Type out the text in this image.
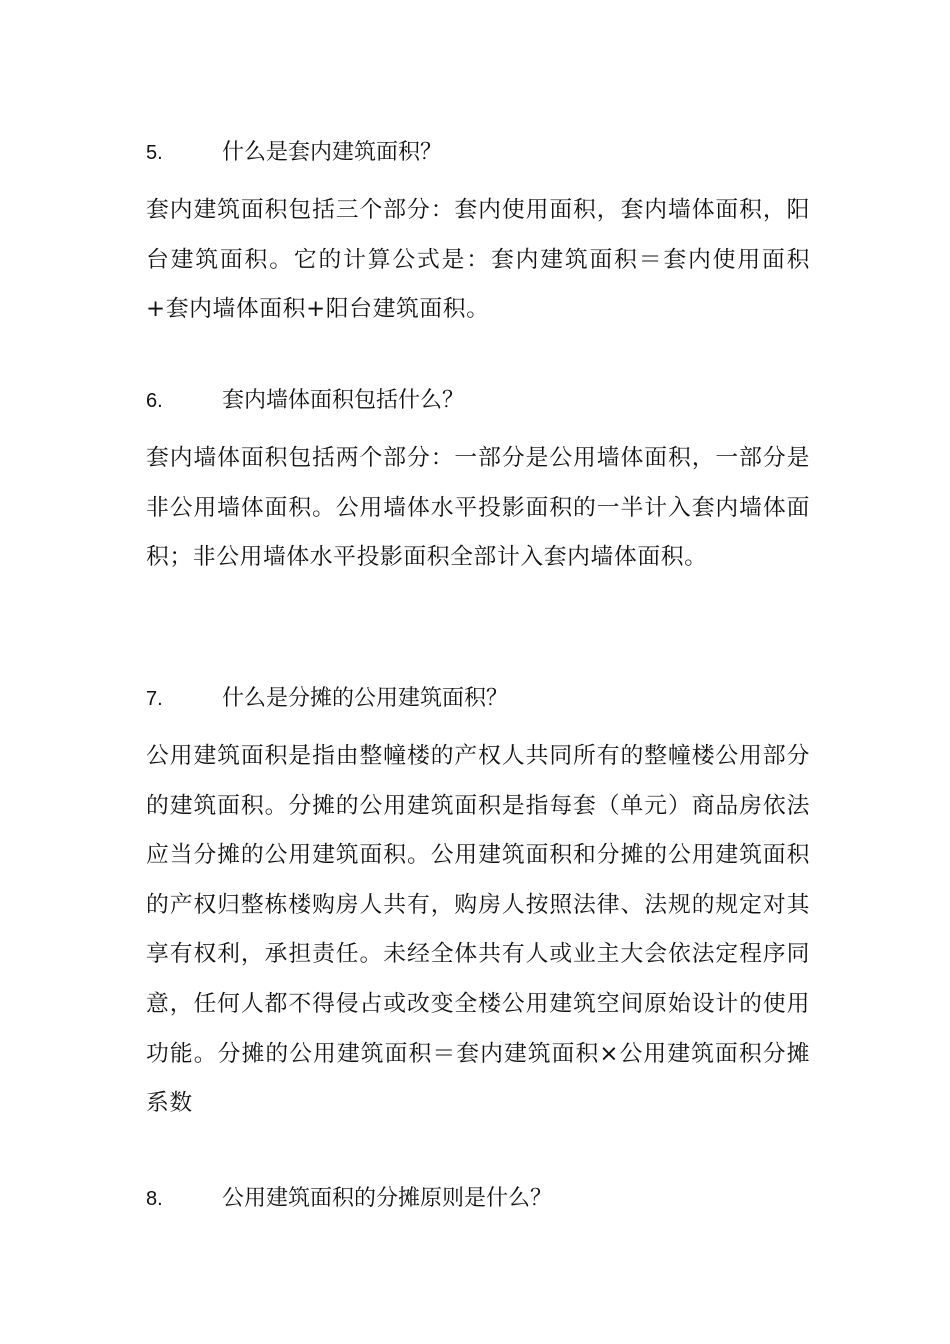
5.	什么是套内建筑面积？

套内建筑面积包括三个部分：套内使用面积，套内墙体面积，阳台建筑面积。它的计算公式是：套内建筑面积＝套内使用面积+套内墙体面积+阳台建筑面积。

6.	套内墙体面积包括什么？

套内墙体面积包括两个部分：一部分是公用墙体面积，一部分是非公用墙体面积。公用墙体水平投影面积的一半计入套内墙体面积；非公用墙体水平投影面积全部计入套内墙体面积。

7.	什么是分摊的公用建筑面积？

公用建筑面积是指由整幢楼的产权人共同所有的整幢楼公用部分的建筑面积。分摊的公用建筑面积是指每套（单元）商品房依法应当分摊的公用建筑面积。公用建筑面积和分摊的公用建筑面积的产权归整栋楼购房人共有，购房人按照法律、法规的规定对其享有权利，承担责任。未经全体共有人或业主大会依法定程序同意，任何人都不得侵占或改变全楼公用建筑空间原始设计的使用功能。分摊的公用建筑面积＝套内建筑面积×公用建筑面积分摊系数

8.	公用建筑面积的分摊原则是什么？
